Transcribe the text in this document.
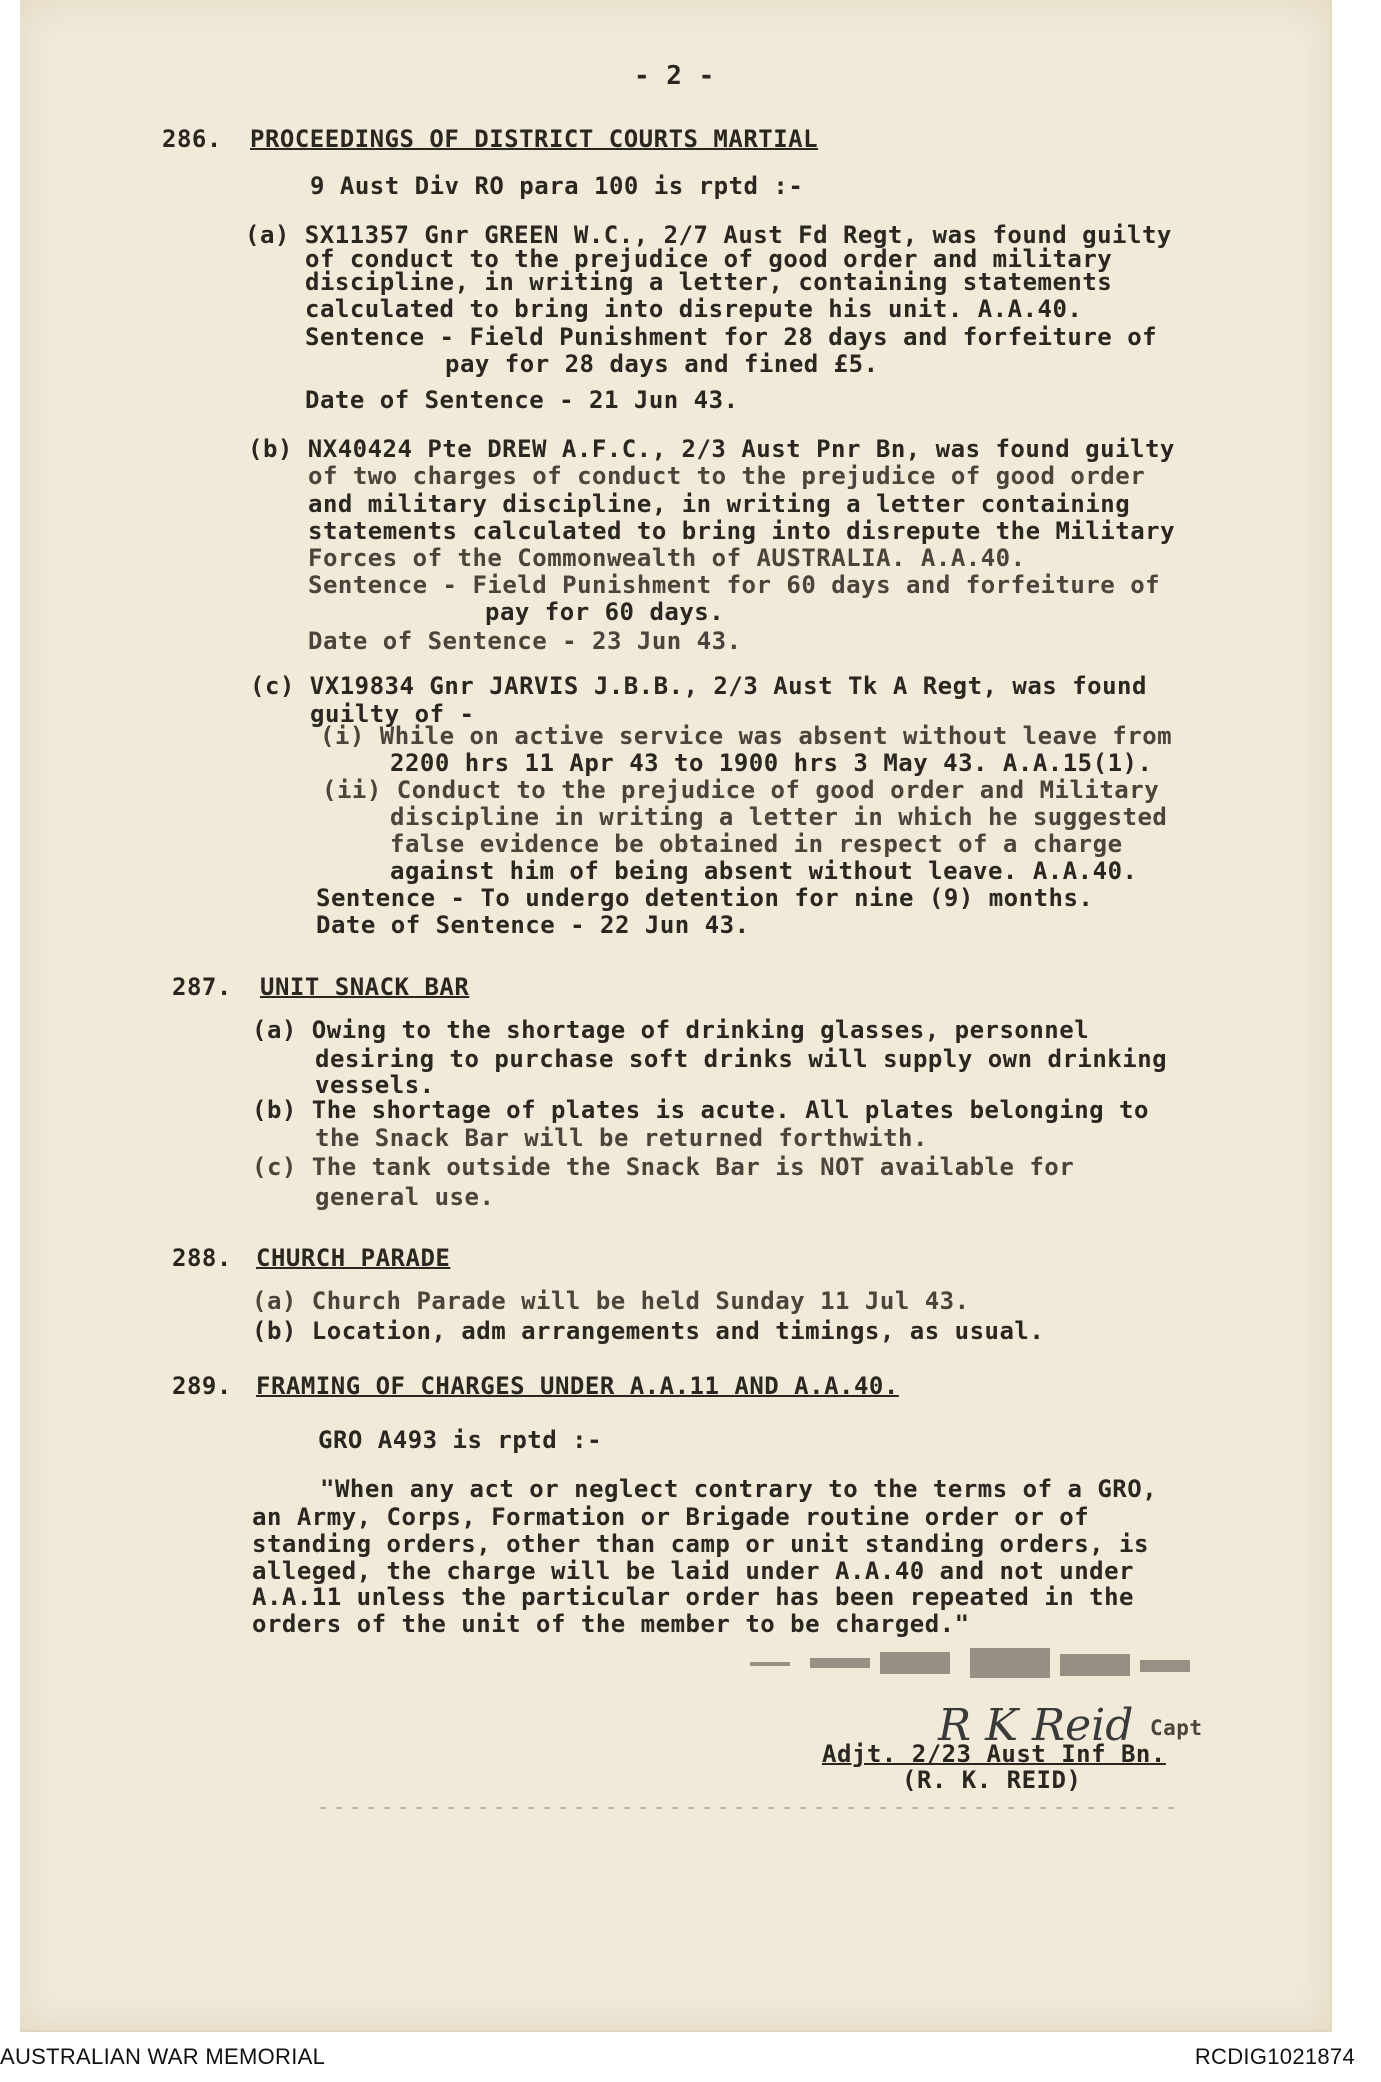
- 2 -
286. PROCEEDINGS OF DISTRICT COURTS MARTIAL
9 Aust Div RO para 100 is rptd :-
(a) SX11357 Gnr GREEN W.C., 2/7 Aust Fd Regt, was found guilty
of conduct to the prejudice of good order and military
discipline, in writing a letter, containing statements
calculated to bring into disrepute his unit. A.A.40.
Sentence - Field Punishment for 28 days and forfeiture of
pay for 28 days and fined £5.
Date of Sentence - 21 Jun 43.
(b) NX40424 Pte DREW A.F.C., 2/3 Aust Pnr Bn, was found guilty
of two charges of conduct to the prejudice of good order
and military discipline, in writing a letter containing
statements calculated to bring into disrepute the Military
Forces of the Commonwealth of AUSTRALIA. A.A.40.
Sentence - Field Punishment for 60 days and forfeiture of
pay for 60 days.
Date of Sentence - 23 Jun 43.
(c) VX19834 Gnr JARVIS J.B.B., 2/3 Aust Tk A Regt, was found
guilty of -
(i) While on active service was absent without leave from
2200 hrs 11 Apr 43 to 1900 hrs 3 May 43. A.A.15(1).
(ii) Conduct to the prejudice of good order and Military
discipline in writing a letter in which he suggested
false evidence be obtained in respect of a charge
against him of being absent without leave. A.A.40.
Sentence - To undergo detention for nine (9) months.
Date of Sentence - 22 Jun 43.
287. UNIT SNACK BAR
(a) Owing to the shortage of drinking glasses, personnel
desiring to purchase soft drinks will supply own drinking
vessels.
(b) The shortage of plates is acute. All plates belonging to
the Snack Bar will be returned forthwith.
(c) The tank outside the Snack Bar is NOT available for
general use.
288. CHURCH PARADE
(a) Church Parade will be held Sunday 11 Jul 43.
(b) Location, adm arrangements and timings, as usual.
289. FRAMING OF CHARGES UNDER A.A.11 AND A.A.40.
GRO A493 is rptd :-
"When any act or neglect contrary to the terms of a GRO,
an Army, Corps, Formation or Brigade routine order or of
standing orders, other than camp or unit standing orders, is
alleged, the charge will be laid under A.A.40 and not under
A.A.11 unless the particular order has been repeated in the
orders of the unit of the member to be charged."
R K Reid Capt
Adjt. 2/23 Aust Inf Bn.
(R. K. REID)
AUSTRALIAN WAR MEMORIAL	RCDIG1021874
